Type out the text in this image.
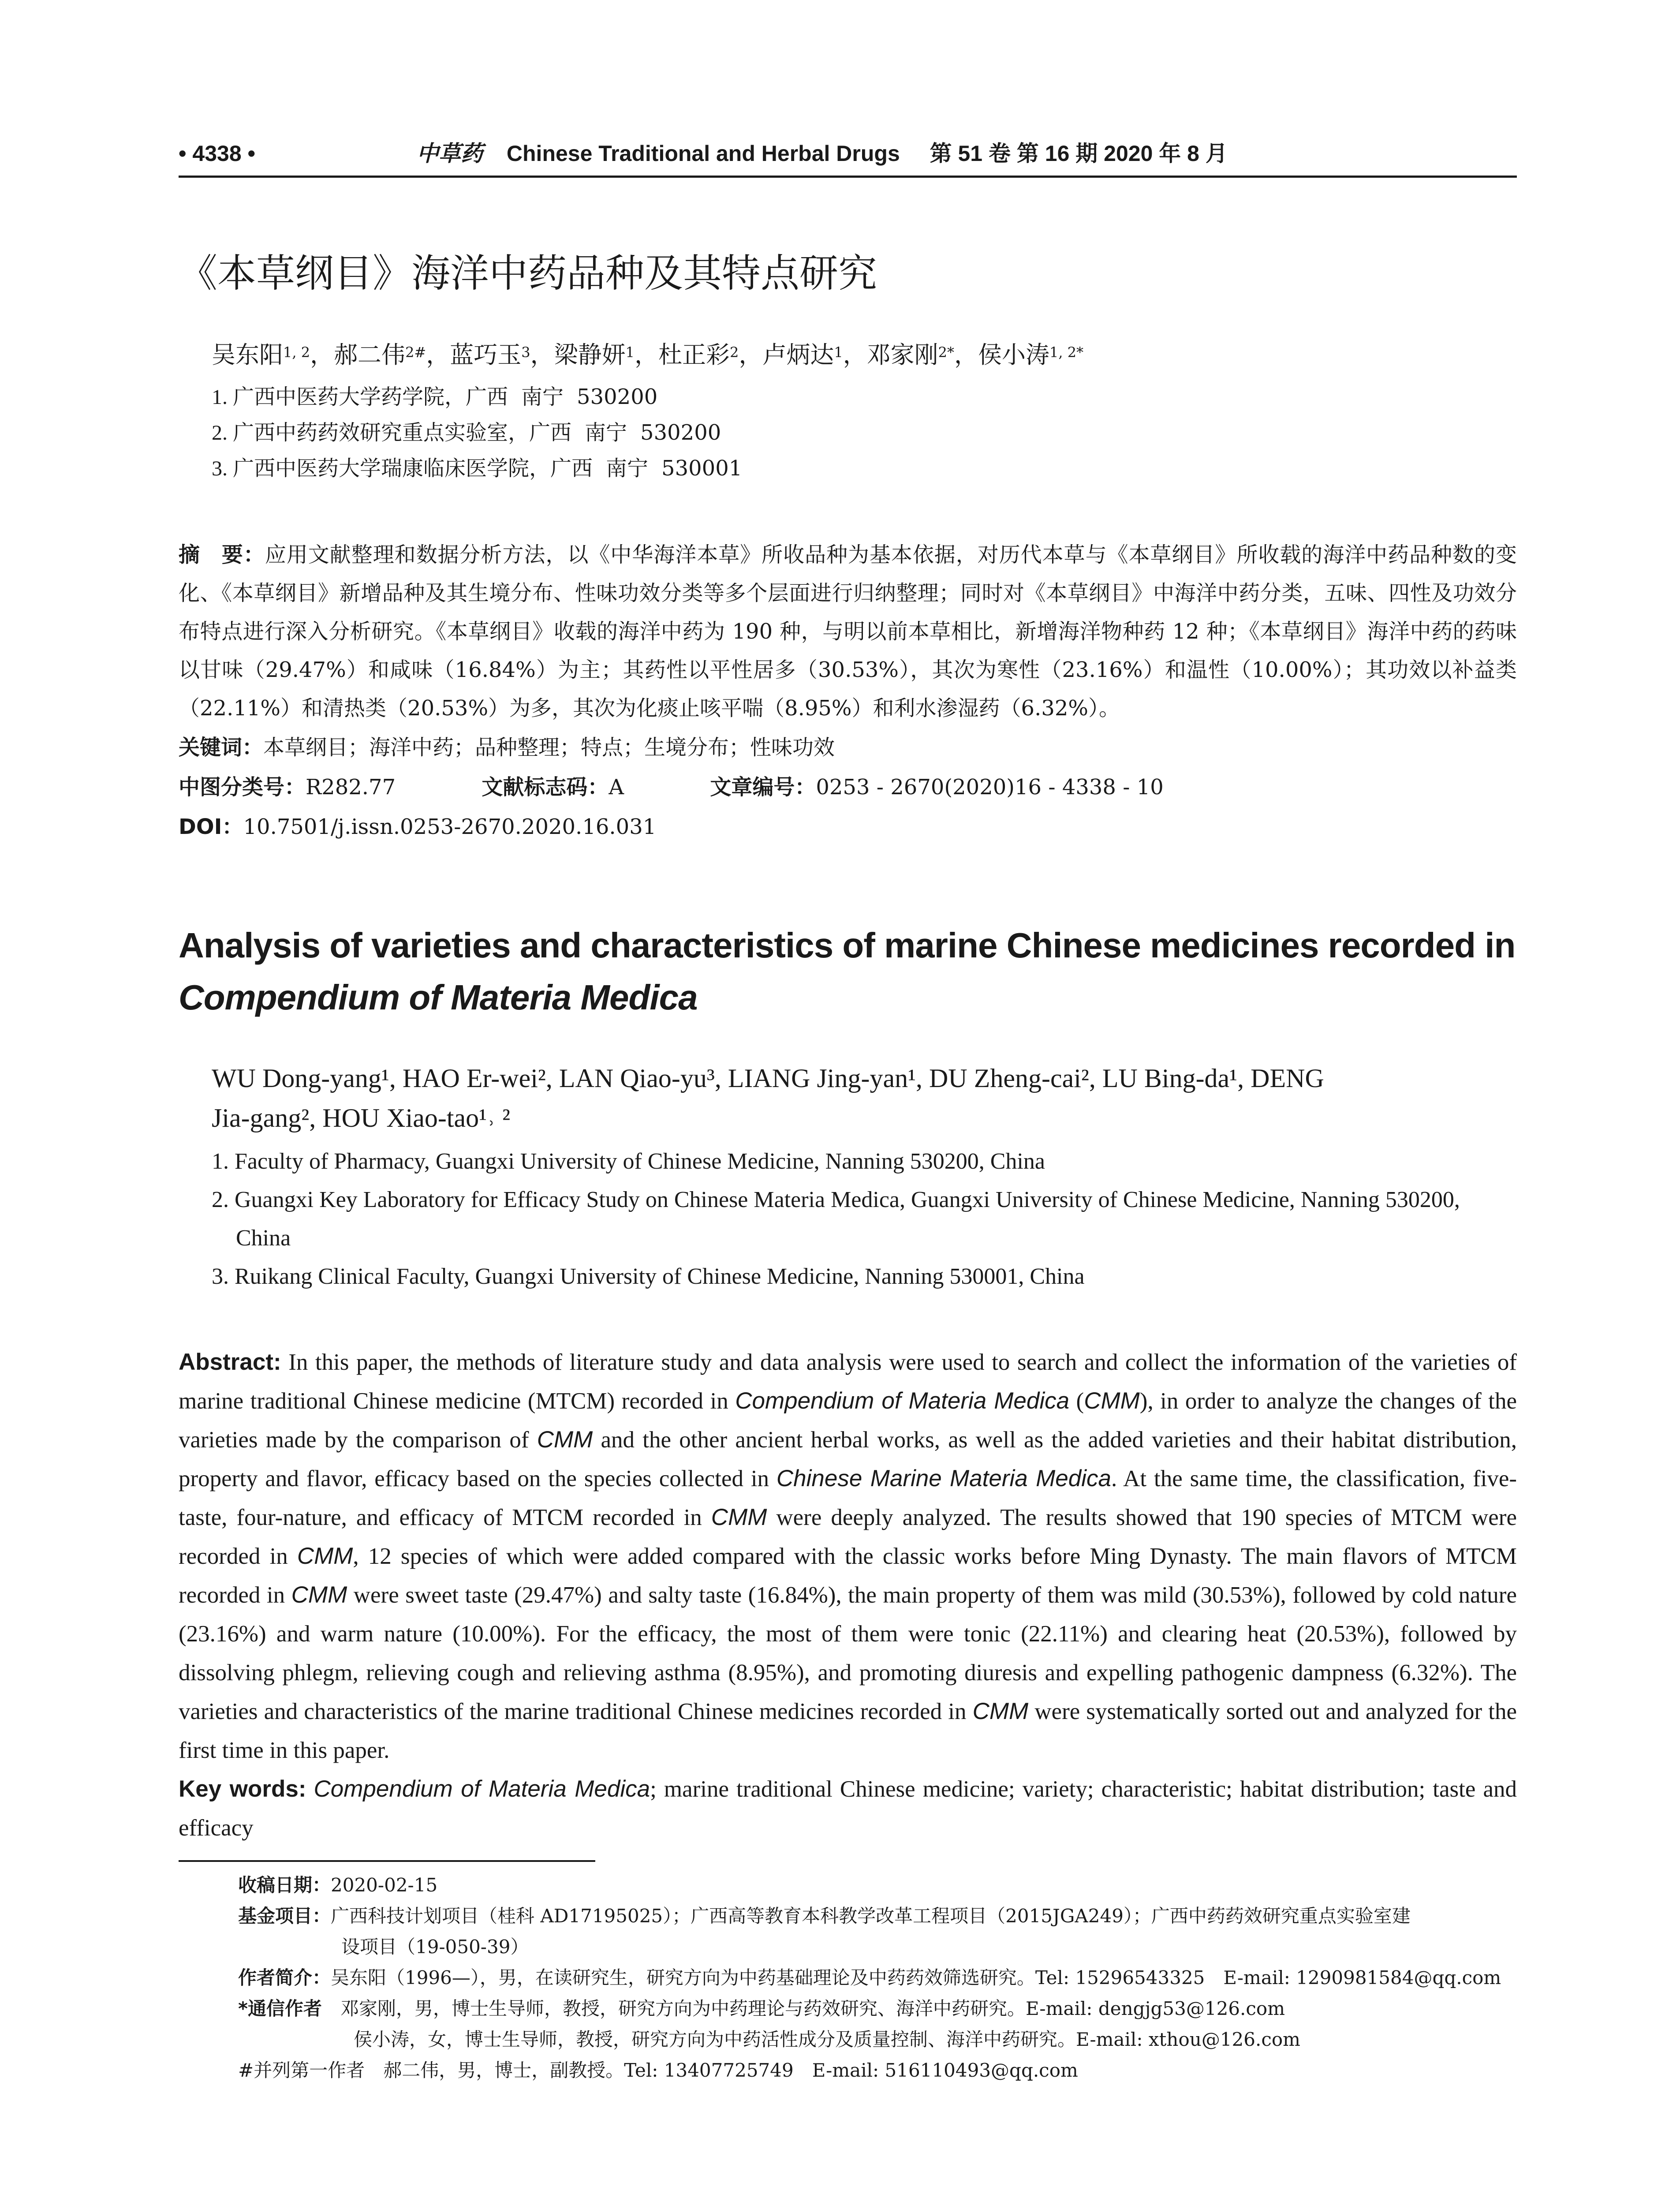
• 4338 •	中草药 Chinese Traditional and Herbal Drugs 第 51 卷 第 16 期 2020 年 8 月
《本草纲目》海洋中药品种及其特点研究
吴东阳$^{1, 2}$，郝二伟$^{2\#}$，蓝巧玉$^3$，梁静妍$^1$，杜正彩$^2$，卢炳达$^1$，邓家刚$^{2*}$，侯小涛$^{1, 2*}$
1. 广西中医药大学药学院，广西 南宁 530200
2. 广西中药药效研究重点实验室，广西 南宁 530200
3. 广西中医药大学瑞康临床医学院，广西 南宁 530001
摘　要：应用文献整理和数据分析方法，以《中华海洋本草》所收品种为基本依据，对历代本草与《本草纲目》所收载的海洋中药品种数的变化、《本草纲目》新增品种及其生境分布、性味功效分类等多个层面进行归纳整理；同时对《本草纲目》中海洋中药分类，五味、四性及功效分布特点进行深入分析研究。《本草纲目》收载的海洋中药为 190 种，与明以前本草相比，新增海洋物种药 12 种；《本草纲目》海洋中药的药味以甘味（29.47%）和咸味（16.84%）为主；其药性以平性居多（30.53%），其次为寒性（23.16%）和温性（10.00%）；其功效以补益类（22.11%）和清热类（20.53%）为多，其次为化痰止咳平喘（8.95%）和利水渗湿药（6.32%）。
关键词：本草纲目；海洋中药；品种整理；特点；生境分布；性味功效
中图分类号：R282.77	文献标志码：A	文章编号：0253 - 2670(2020)16 - 4338 - 10
DOI：10.7501/j.issn.0253-2670.2020.16.031
Analysis of varieties and characteristics of marine Chinese medicines recorded in
Compendium of Materia Medica
WU Dong-yang¹, HAO Er-wei², LAN Qiao-yu³, LIANG Jing-yan¹, DU Zheng-cai², LU Bing-da¹, DENG
Jia-gang², HOU Xiao-tao¹˒ ²
1. Faculty of Pharmacy, Guangxi University of Chinese Medicine, Nanning 530200, China
2. Guangxi Key Laboratory for Efficacy Study on Chinese Materia Medica, Guangxi University of Chinese Medicine, Nanning 530200, China
3. Ruikang Clinical Faculty, Guangxi University of Chinese Medicine, Nanning 530001, China
Abstract: In this paper, the methods of literature study and data analysis were used to search and collect the information of the varieties of marine traditional Chinese medicine (MTCM) recorded in Compendium of Materia Medica (CMM), in order to analyze the changes of the varieties made by the comparison of CMM and the other ancient herbal works, as well as the added varieties and their habitat distribution, property and flavor, efficacy based on the species collected in Chinese Marine Materia Medica. At the same time, the classification, five-taste, four-nature, and efficacy of MTCM recorded in CMM were deeply analyzed. The results showed that 190 species of MTCM were recorded in CMM, 12 species of which were added compared with the classic works before Ming Dynasty. The main flavors of MTCM recorded in CMM were sweet taste (29.47%) and salty taste (16.84%), the main property of them was mild (30.53%), followed by cold nature (23.16%) and warm nature (10.00%). For the efficacy, the most of them were tonic (22.11%) and clearing heat (20.53%), followed by dissolving phlegm, relieving cough and relieving asthma (8.95%), and promoting diuresis and expelling pathogenic dampness (6.32%). The varieties and characteristics of the marine traditional Chinese medicines recorded in CMM were systematically sorted out and analyzed for the first time in this paper.
Key words: Compendium of Materia Medica; marine traditional Chinese medicine; variety; characteristic; habitat distribution; taste and efficacy
收稿日期：2020-02-15
基金项目：广西科技计划项目（桂科 AD17195025）；广西高等教育本科教学改革工程项目（2015JGA249）；广西中药药效研究重点实验室建
设项目（19-050-39）
作者简介：吴东阳（1996—），男，在读研究生，研究方向为中药基础理论及中药药效筛选研究。Tel: 15296543325　E-mail: 1290981584@qq.com
*通信作者　 邓家刚，男，博士生导师，教授，研究方向为中药理论与药效研究、海洋中药研究。E-mail: dengjg53@126.com
侯小涛，女，博士生导师，教授，研究方向为中药活性成分及质量控制、海洋中药研究。E-mail: xthou@126.com
#并列第一作者　 郝二伟，男，博士，副教授。Tel: 13407725749　E-mail: 516110493@qq.com
